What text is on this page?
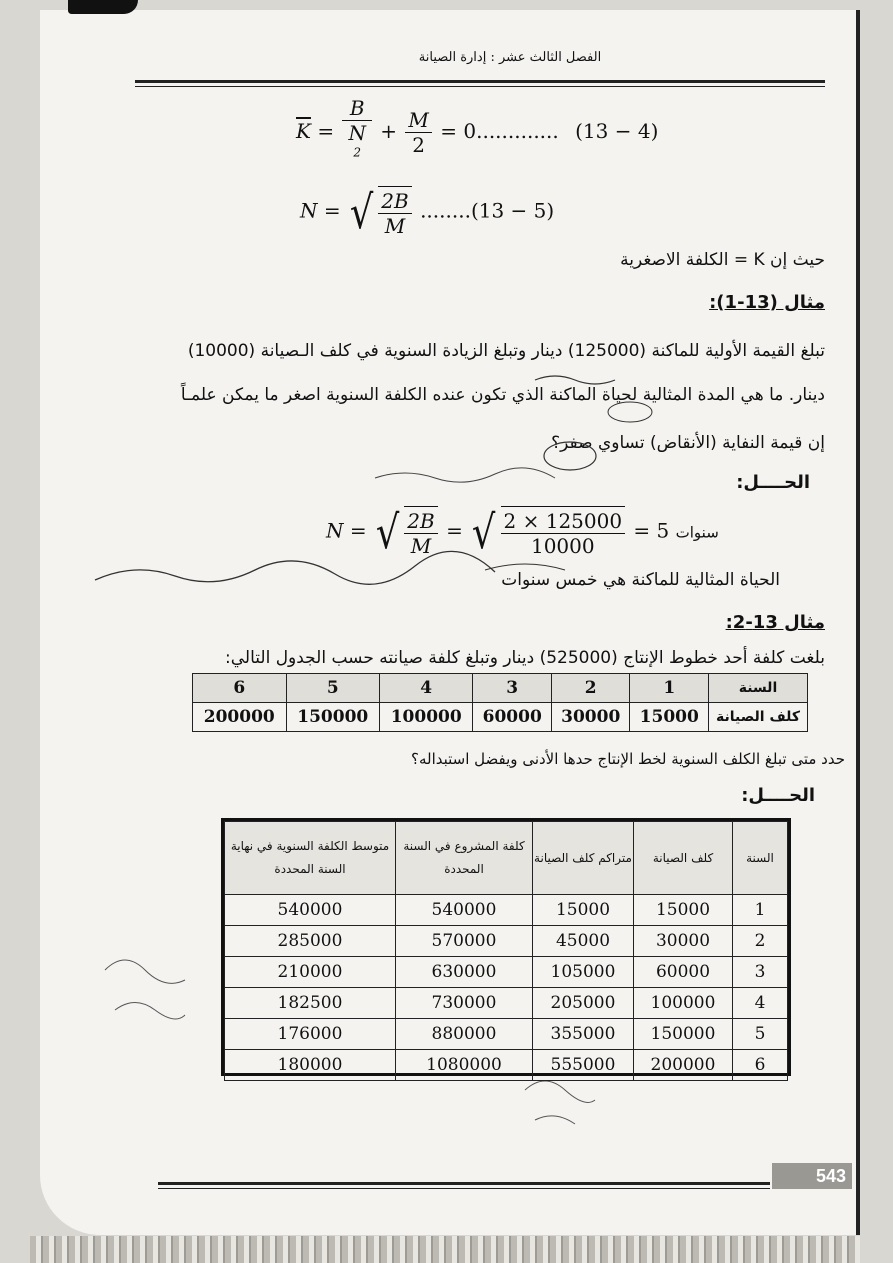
الفصل الثالث عشر : إدارة الصيانة
$\overline{K} = B$
N
$^2 + \frac{M}{2} = 0$............. (13 − 4)
N = √ $\frac{2B}{M} ........(13 - 5)$
حيث إن K = الكلفة الاصغرية
مثال (13-1):
تبلغ القيمة الأولية للماكنة (125000) دينار وتبلغ الزيادة السنوية في كلف الـصيانة (10000)
دينار. ما هي المدة المثالية لحياة الماكنة الذي تكون عنده الكلفة السنوية اصغر ما يمكن علمـاً
إن قيمة النفاية (الأنقاض) تساوي صفر؟
الحــــل:
N = √ $\frac{2B}{M}$ = √ $\frac{2 \times 125000}{10000} = 5$ سنوات
الحياة المثالية للماكنة هي خمس سنوات
مثال 13-2:
بلغت كلفة أحد خطوط الإنتاج (525000) دينار وتبلغ كلفة صيانته حسب الجدول التالي:
السنة	1	2	3	4	5	6
كلف الصيانة	15000	30000	60000	100000	150000	200000
حدد متى تبلغ الكلف السنوية لخط الإنتاج حدها الأدنى ويفضل استبداله؟
الحــــل:
السنة	كلف الصيانة	متراكم كلف الصيانة	كلفة المشروع في السنة المحددة	متوسط الكلفة السنوية في نهاية السنة المحددة
1	15000	15000	540000	540000
2	30000	45000	570000	285000
3	60000	105000	630000	210000
4	100000	205000	730000	182500
5	150000	355000	880000	176000
6	200000	555000	1080000	180000
543
